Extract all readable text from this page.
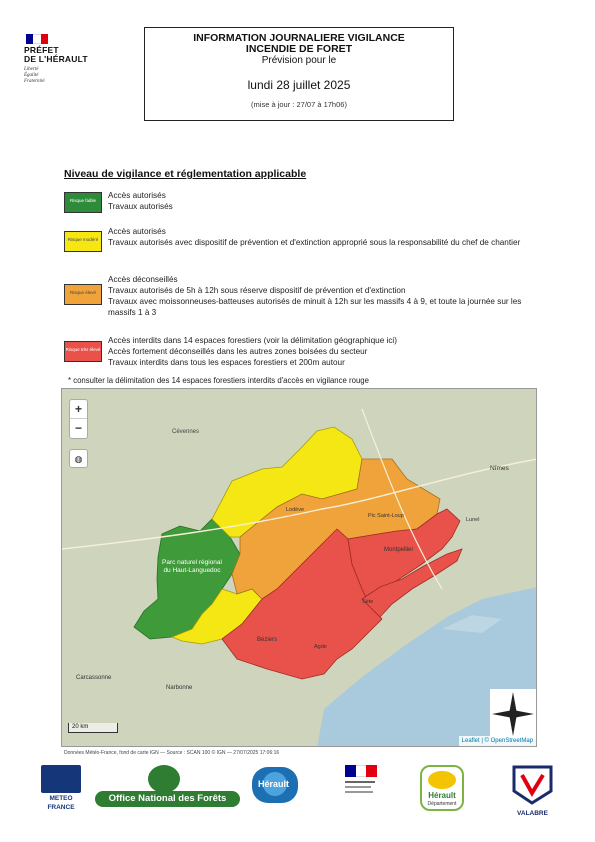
PRÉFET
DE L'HÉRAULT
Liberté
Égalité
Fraternité
INFORMATION JOURNALIERE VIGILANCE
INCENDIE DE FORET
Prévision pour le
lundi 28 juillet 2025
(mise à jour : 27/07 à 17h06)
Niveau de vigilance et réglementation applicable
Risque faible
Accès autorisés
Travaux autorisés
Risque modéré
Accès autorisés
Travaux autorisés avec dispositif de prévention et d'extinction approprié sous la responsabilité du chef de chantier
Risque élevé
Accès déconseillés
Travaux autorisés de 5h à 12h sous réserve dispositif de prévention et d'extinction
Travaux avec moissonneuses-batteuses autorisés de minuit à 12h sur les massifs 4 à 9, et toute la journée sur les massifs 1 à 3
Risque très élevé
Accès interdits dans 14 espaces forestiers (voir la délimitation géographique ici)
Accès fortement déconseillés dans les autres zones boisées du secteur
Travaux interdits dans tous les espaces forestiers et 200m autour
* consulter la délimitation des 14 espaces forestiers interdits d'accès en vigilance rouge
Nîmes
Lunel
Montpellier
Sète
Agde
Béziers
Carcassonne
Narbonne
Lodève
Cévennes
Pic Saint-Loup
Parc naturel régional du Haut-Languedoc
+
−
◍
20 km
Leaflet | © OpenStreetMap
Données Météo-France, fond de carte IGN — Source : SCAN 100 © IGN — 27/07/2025 17:06:16
METEO
FRANCE
Office National des Forêts
Hérault
Hérault
Département
VALABRE
